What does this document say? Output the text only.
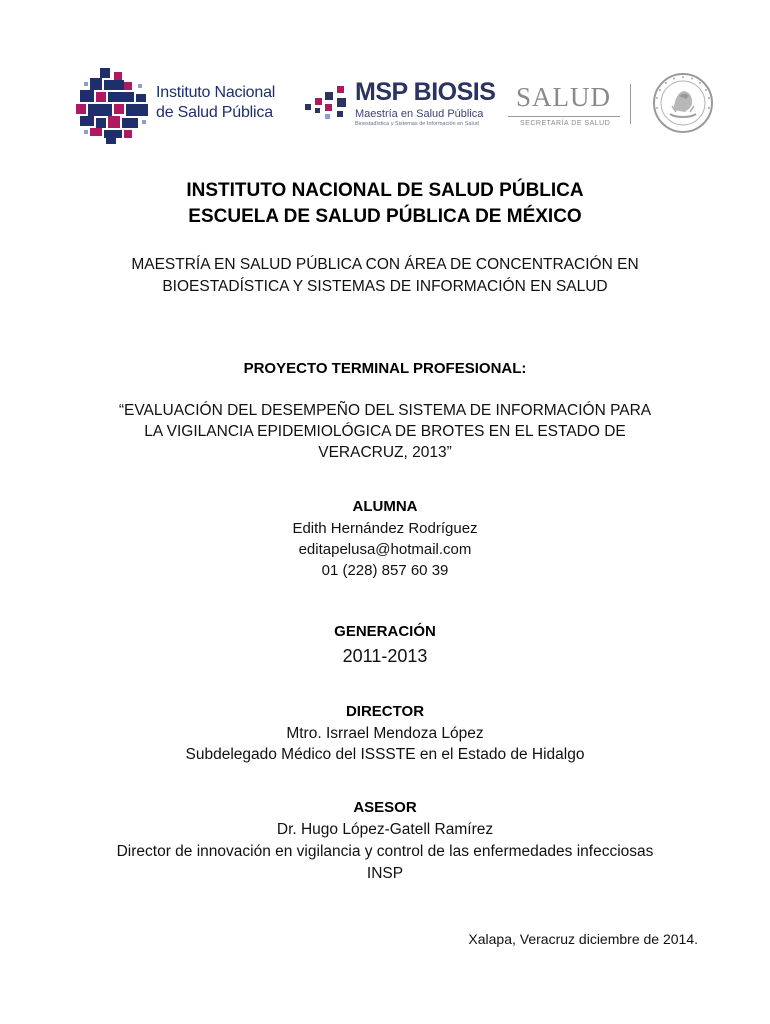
Instituto Nacional
de Salud Pública
MSP BIOSIS
Maestría en Salud Pública
Bioestadística y Sistemas de Información en Salud
SALUD
SECRETARÍA DE SALUD
INSTITUTO NACIONAL DE SALUD PÚBLICA
ESCUELA DE SALUD PÚBLICA DE MÉXICO
MAESTRÍA EN SALUD PÚBLICA CON ÁREA DE CONCENTRACIÓN EN
BIOESTADÍSTICA Y SISTEMAS DE INFORMACIÓN EN SALUD
PROYECTO TERMINAL PROFESIONAL:
“EVALUACIÓN DEL DESEMPEÑO DEL SISTEMA DE INFORMACIÓN PARA
LA VIGILANCIA EPIDEMIOLÓGICA DE BROTES EN EL ESTADO DE
VERACRUZ, 2013”
ALUMNA
Edith Hernández Rodríguez
editapelusa@hotmail.com
01 (228) 857 60 39
GENERACIÓN
2011-2013
DIRECTOR
Mtro. Isrrael Mendoza López
Subdelegado Médico del ISSSTE en el Estado de Hidalgo
ASESOR
Dr. Hugo López-Gatell Ramírez
Director de innovación en vigilancia y control de las enfermedades infecciosas
INSP
Xalapa, Veracruz diciembre de 2014.
